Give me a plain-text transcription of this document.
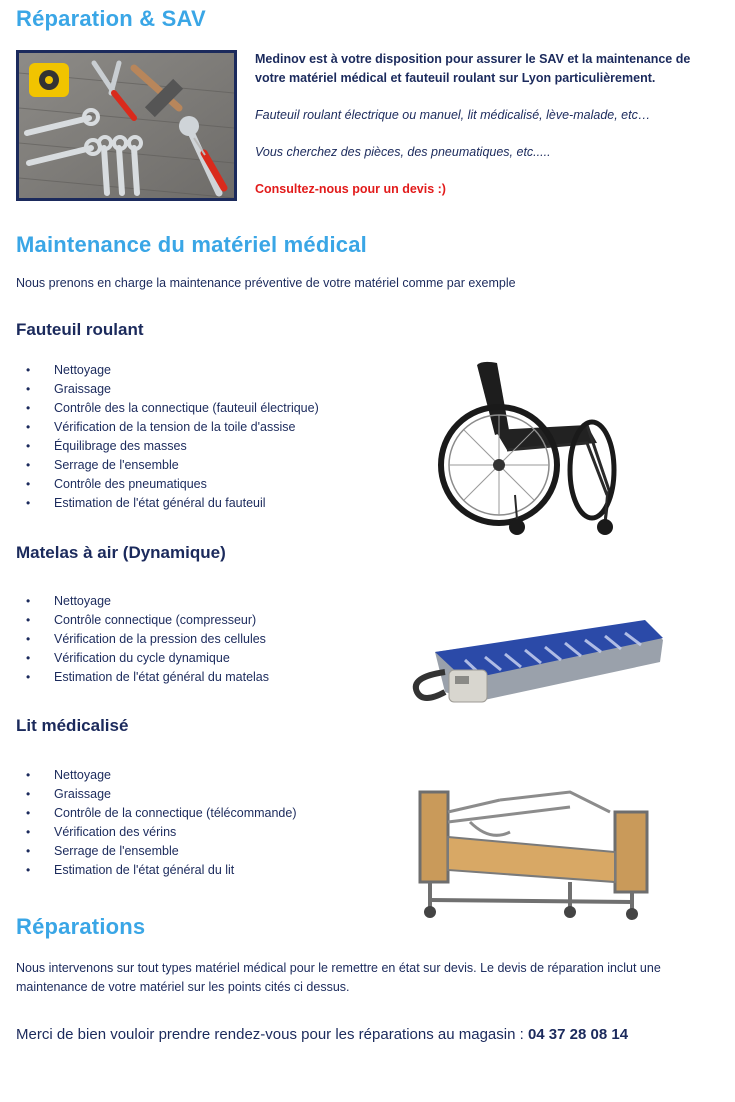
Réparation & SAV

Medinov est à votre disposition pour assurer le SAV et la maintenance de votre matériel médical et fauteuil roulant sur Lyon particulièrement.

Fauteuil roulant électrique ou manuel, lit médicalisé, lève-malade, etc…

Vous cherchez des pièces, des pneumatiques, etc.....

Consultez-nous pour un devis :)

Maintenance du matériel médical

Nous prenons en charge la maintenance préventive de votre matériel comme par exemple

Fauteuil roulant
• Nettoyage
• Graissage
• Contrôle des la connectique (fauteuil électrique)
• Vérification de la tension de la toile d'assise
• Équilibrage des masses
• Serrage de l'ensemble
• Contrôle des pneumatiques
• Estimation de l'état général du fauteuil
Matelas à air (Dynamique)
• Nettoyage
• Contrôle connectique (compresseur)
• Vérification de la pression des cellules
• Vérification du cycle dynamique
• Estimation de l'état général du matelas
Lit médicalisé
• Nettoyage
• Graissage
• Contrôle de la connectique (télécommande)
• Vérification des vérins
• Serrage de l'ensemble
• Estimation de l'état général du lit
Réparations

Nous intervenons sur tout types matériel médical pour le remettre en état sur devis. Le devis de réparation inclut une maintenance de votre matériel sur les points cités ci dessus.

Merci de bien vouloir prendre rendez-vous pour les réparations au magasin : 04 37 28 08 14
